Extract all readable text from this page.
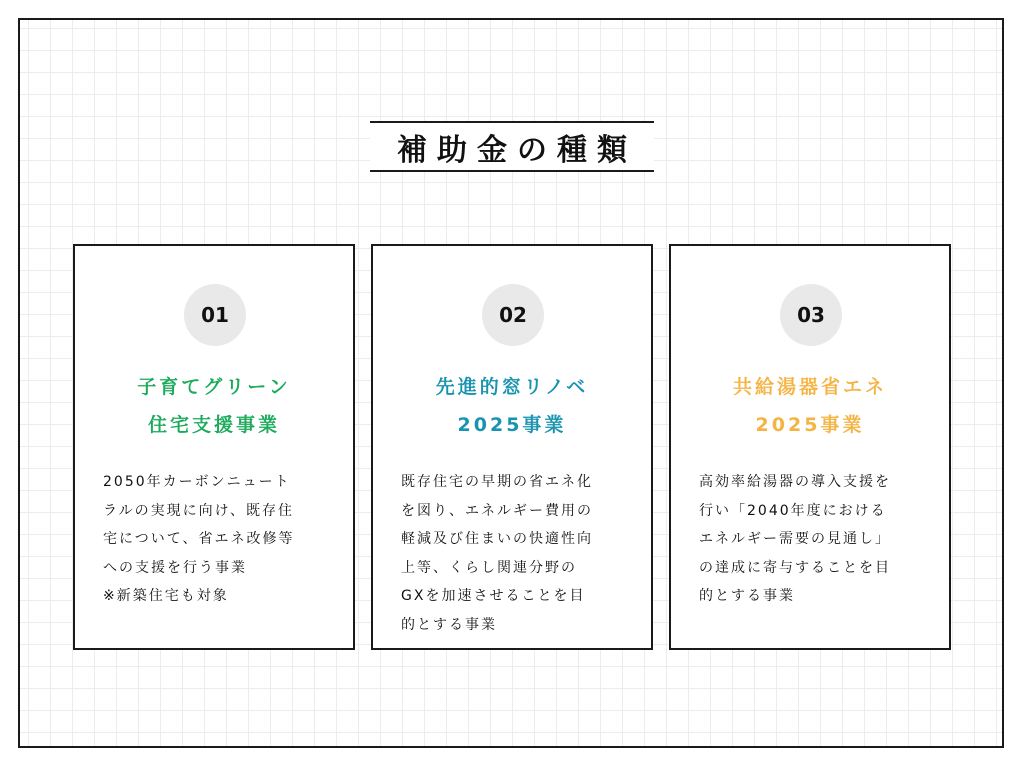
補助金の種類
01
子育てグリーン
住宅支援事業
2050年カーボンニュート
ラルの実現に向け、既存住
宅について、省エネ改修等
への支援を行う事業
※新築住宅も対象
02
先進的窓リノベ
2025事業
既存住宅の早期の省エネ化
を図り、エネルギー費用の
軽減及び住まいの快適性向
上等、くらし関連分野の
GXを加速させることを目
的とする事業
03
共給湯器省エネ
2025事業
高効率給湯器の導入支援を
行い「2040年度における
エネルギー需要の見通し」
の達成に寄与することを目
的とする事業
